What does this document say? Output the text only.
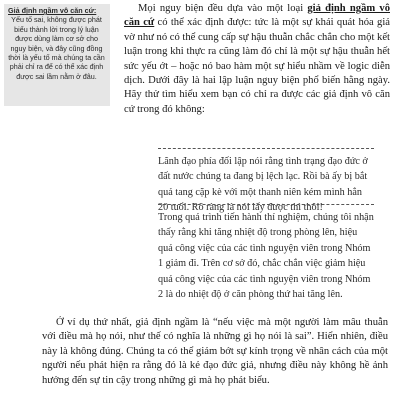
Giả định ngầm vô căn cứ:
Yếu tố sai, không được phát biểu thành lời trong lý luận được dùng làm cơ sở cho nguy biện, và đây cũng đồng thời là yếu tố mà chúng ta cần phải chỉ ra để có thể xác định được sai lầm nằm ở đâu.

Mọi nguy biện đều dựa vào một loại giả định ngầm vô căn cứ có thể xác định được: tức là một sự khái quát hóa giả vờ như nó có thể cung cấp sự hậu thuẫn chắc chắn cho một kết luận trong khi thực ra cũng làm đó chỉ là một sự hậu thuẫn hết sức yếu ớt – hoặc nó bao hàm một sự hiểu nhầm về logic diễn dịch. Dưới đây là hai lập luận nguy biện phổ biến hằng ngày. Hãy thử tìm hiểu xem bạn có chỉ ra được các giả định vô căn cứ trong đó không:

Lãnh đạo phía đối lập nói rằng tình trạng đạo đức ở đất nước chúng ta đang bị lệch lạc. Rồi bà ấy bị bắt quả tang cặp kè với một thanh niên kém mình hẳn 20 tuổi. Rõ ràng là nói lấy được thì thôi!

Trong quá trình tiến hành thí nghiệm, chúng tôi nhận thấy rằng khi tăng nhiệt độ trong phòng lên, hiệu quả công việc của các tình nguyện viên trong Nhóm 1 giảm đi. Trên cơ sở đó, chắc chắn việc giảm hiệu quả công việc của các tình nguyện viên trong Nhóm 2 là do nhiệt độ ở căn phòng thứ hai tăng lên.

Ở ví dụ thứ nhất, giả định ngầm là “nếu việc mà một người làm mâu thuẫn với điều mà họ nói, như thế có nghĩa là những gì họ nói là sai”. Hiển nhiên, điều này là không đúng. Chúng ta có thể giảm bớt sự kính trọng về nhân cách của một người nếu phát hiện ra rằng đó là kẻ đạo đức giả, nhưng điều này không hề ảnh hưởng đến sự tin cậy trong những gì mà họ phát biểu.
